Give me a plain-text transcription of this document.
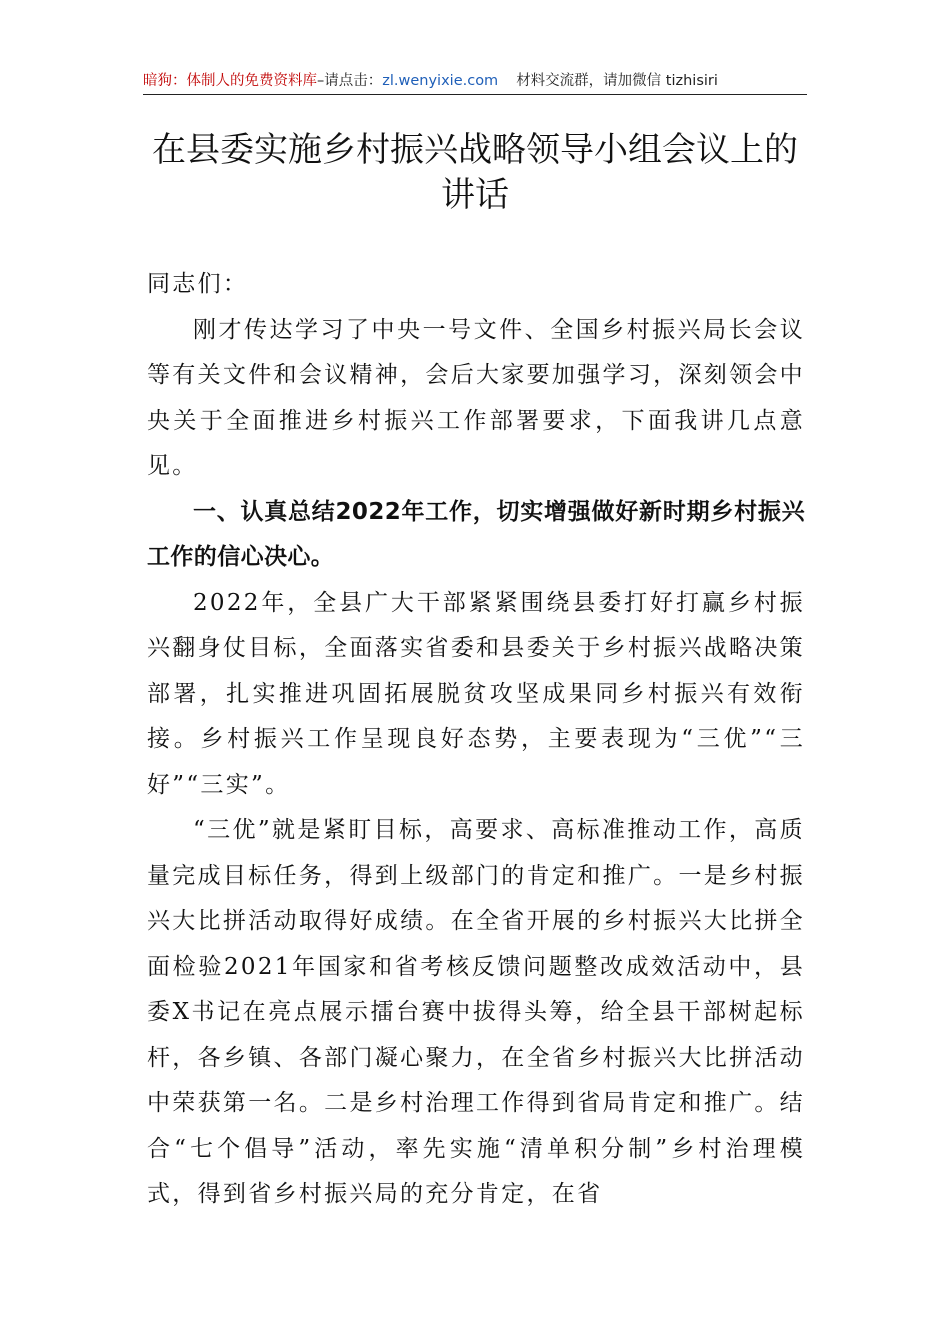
暗狗：体制人的免费资料库–请点击：zl.wenyixie.com 材料交流群，请加微信 tizhisiri
在县委实施乡村振兴战略领导小组会议上的讲话

同志们：

刚才传达学习了中央一号文件、全国乡村振兴局长会议等有关文件和会议精神，会后大家要加强学习，深刻领会中央关于全面推进乡村振兴工作部署要求，下面我讲几点意见。

一、认真总结2022年工作，切实增强做好新时期乡村振兴工作的信心决心。

2022年，全县广大干部紧紧围绕县委打好打赢乡村振兴翻身仗目标，全面落实省委和县委关于乡村振兴战略决策部署，扎实推进巩固拓展脱贫攻坚成果同乡村振兴有效衔接。乡村振兴工作呈现良好态势，主要表现为“三优”“三好”“三实”。

“三优”就是紧盯目标，高要求、高标准推动工作，高质量完成目标任务，得到上级部门的肯定和推广。一是乡村振兴大比拼活动取得好成绩。在全省开展的乡村振兴大比拼全面检验2021年国家和省考核反馈问题整改成效活动中，县委X书记在亮点展示擂台赛中拔得头筹，给全县干部树起标杆，各乡镇、各部门凝心聚力，在全省乡村振兴大比拼活动中荣获第一名。二是乡村治理工作得到省局肯定和推广。结合“七个倡导”活动，率先实施“清单积分制”乡村治理模式，得到省乡村振兴局的充分肯定，在省
